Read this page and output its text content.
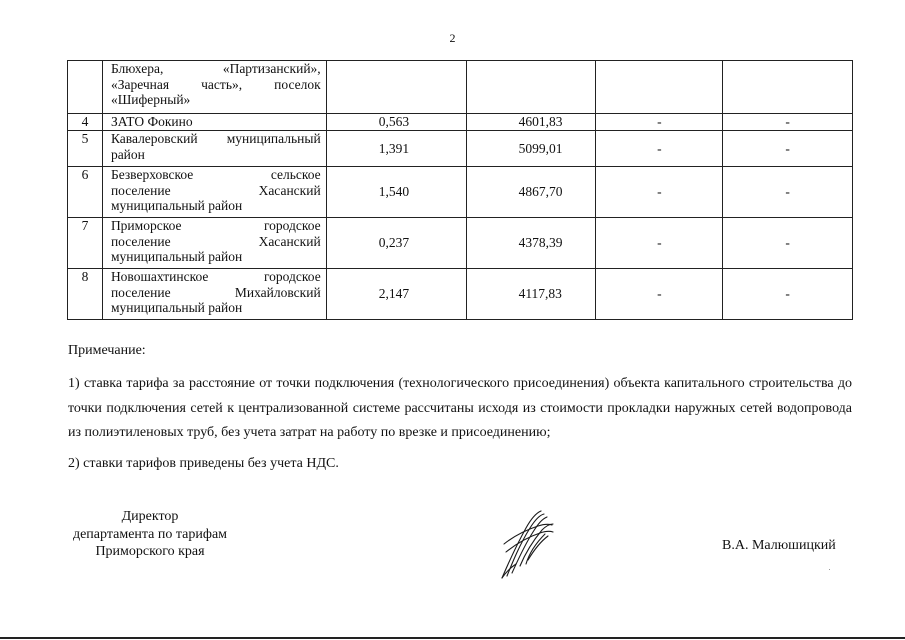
2

	Блюхера, «Партизанский»,
«Заречная часть», поселок
«Шиферный»				

4	ЗАТО Фокино	0,563	4601,83	-	-
5	Кавалеровский муниципальный
район	1,391	5099,01	-	-
6	Безверховское сельское
поселение Хасанский
муниципальный район	1,540	4867,70	-	-
7	Приморское городское
поселение Хасанский
муниципальный район	0,237	4378,39	-	-
8	Новошахтинское городское
поселение Михайловский
муниципальный район	2,147	4117,83	-	-

Примечание:

1) ставка тарифа за расстояние от точки подключения (технологического присоединения) объекта капитального строительства до точки подключения сетей к централизованной системе рассчитаны исходя из стоимости прокладки наружных сетей водопровода из полиэтиленовых труб, без учета затрат на работу по врезке и присоединению;

2) ставки тарифов приведены без учета НДС.

Директор
департамента по тарифам
Приморского края	В.А. Малюшицкий
